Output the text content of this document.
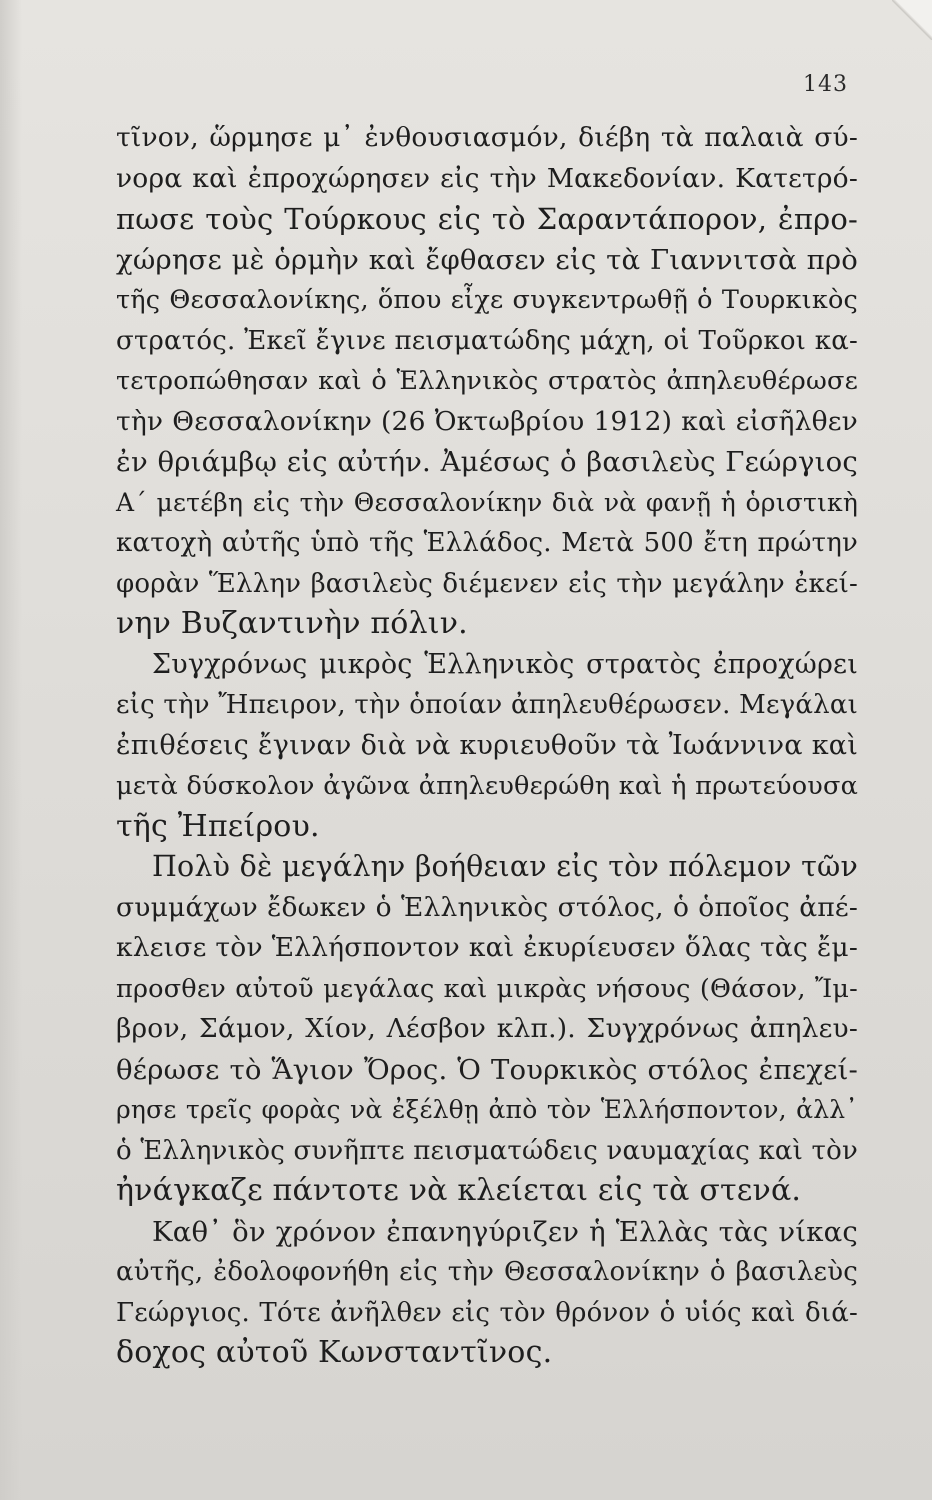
143
τῖνον, ὥρμησε μ᾽ ἐνθουσιασμόν, διέβη τὰ παλαιὰ σύ-
νορα καὶ ἐπροχώρησεν εἰς τὴν Μακεδονίαν. Κατετρό-
πωσε τοὺς Τούρκους εἰς τὸ Σαραντάπορον, ἐπρο-
χώρησε μὲ ὁρμὴν καὶ ἔφθασεν εἰς τὰ Γιαννιτσὰ πρὸ
τῆς Θεσσαλονίκης, ὅπου εἶχε συγκεντρωθῇ ὁ Τουρκικὸς
στρατός. Ἐκεῖ ἔγινε πεισματώδης μάχη, οἱ Τοῦρκοι κα-
τετροπώθησαν καὶ ὁ Ἑλληνικὸς στρατὸς ἀπηλευθέρωσε
τὴν Θεσσαλονίκην (26 Ὀκτωβρίου 1912) καὶ εἰσῆλθεν
ἐν θριάμβῳ εἰς αὐτήν. Ἀμέσως ὁ βασιλεὺς Γεώργιος
Α΄ μετέβη εἰς τὴν Θεσσαλονίκην διὰ νὰ φανῇ ἡ ὁριστικὴ
κατοχὴ αὐτῆς ὑπὸ τῆς Ἑλλάδος. Μετὰ 500 ἔτη πρώτην
φορὰν Ἕλλην βασιλεὺς διέμενεν εἰς τὴν μεγάλην ἐκεί-
νην Βυζαντινὴν πόλιν.
Συγχρόνως μικρὸς Ἑλληνικὸς στρατὸς ἐπροχώρει
εἰς τὴν Ἤπειρον, τὴν ὁποίαν ἀπηλευθέρωσεν. Μεγάλαι
ἐπιθέσεις ἔγιναν διὰ νὰ κυριευθοῦν τὰ Ἰωάννινα καὶ
μετὰ δύσκολον ἀγῶνα ἀπηλευθερώθη καὶ ἡ πρωτεύουσα
τῆς Ἠπείρου.
Πολὺ δὲ μεγάλην βοήθειαν εἰς τὸν πόλεμον τῶν
συμμάχων ἔδωκεν ὁ Ἑλληνικὸς στόλος, ὁ ὁποῖος ἀπέ-
κλεισε τὸν Ἑλλήσποντον καὶ ἐκυρίευσεν ὅλας τὰς ἔμ-
προσθεν αὐτοῦ μεγάλας καὶ μικρὰς νήσους (Θάσον, Ἴμ-
βρον, Σάμον, Χίον, Λέσβον κλπ.). Συγχρόνως ἀπηλευ-
θέρωσε τὸ Ἅγιον Ὄρος. Ὁ Τουρκικὸς στόλος ἐπεχεί-
ρησε τρεῖς φορὰς νὰ ἐξέλθῃ ἀπὸ τὸν Ἑλλήσποντον, ἀλλ᾽
ὁ Ἑλληνικὸς συνῆπτε πεισματώδεις ναυμαχίας καὶ τὸν
ἠνάγκαζε πάντοτε νὰ κλείεται εἰς τὰ στενά.
Καθ᾽ ὃν χρόνον ἐπανηγύριζεν ἡ Ἑλλὰς τὰς νίκας
αὐτῆς, ἐδολοφονήθη εἰς τὴν Θεσσαλονίκην ὁ βασιλεὺς
Γεώργιος. Τότε ἀνῆλθεν εἰς τὸν θρόνον ὁ υἱός καὶ διά-
δοχος αὐτοῦ Κωνσταντῖνος.
